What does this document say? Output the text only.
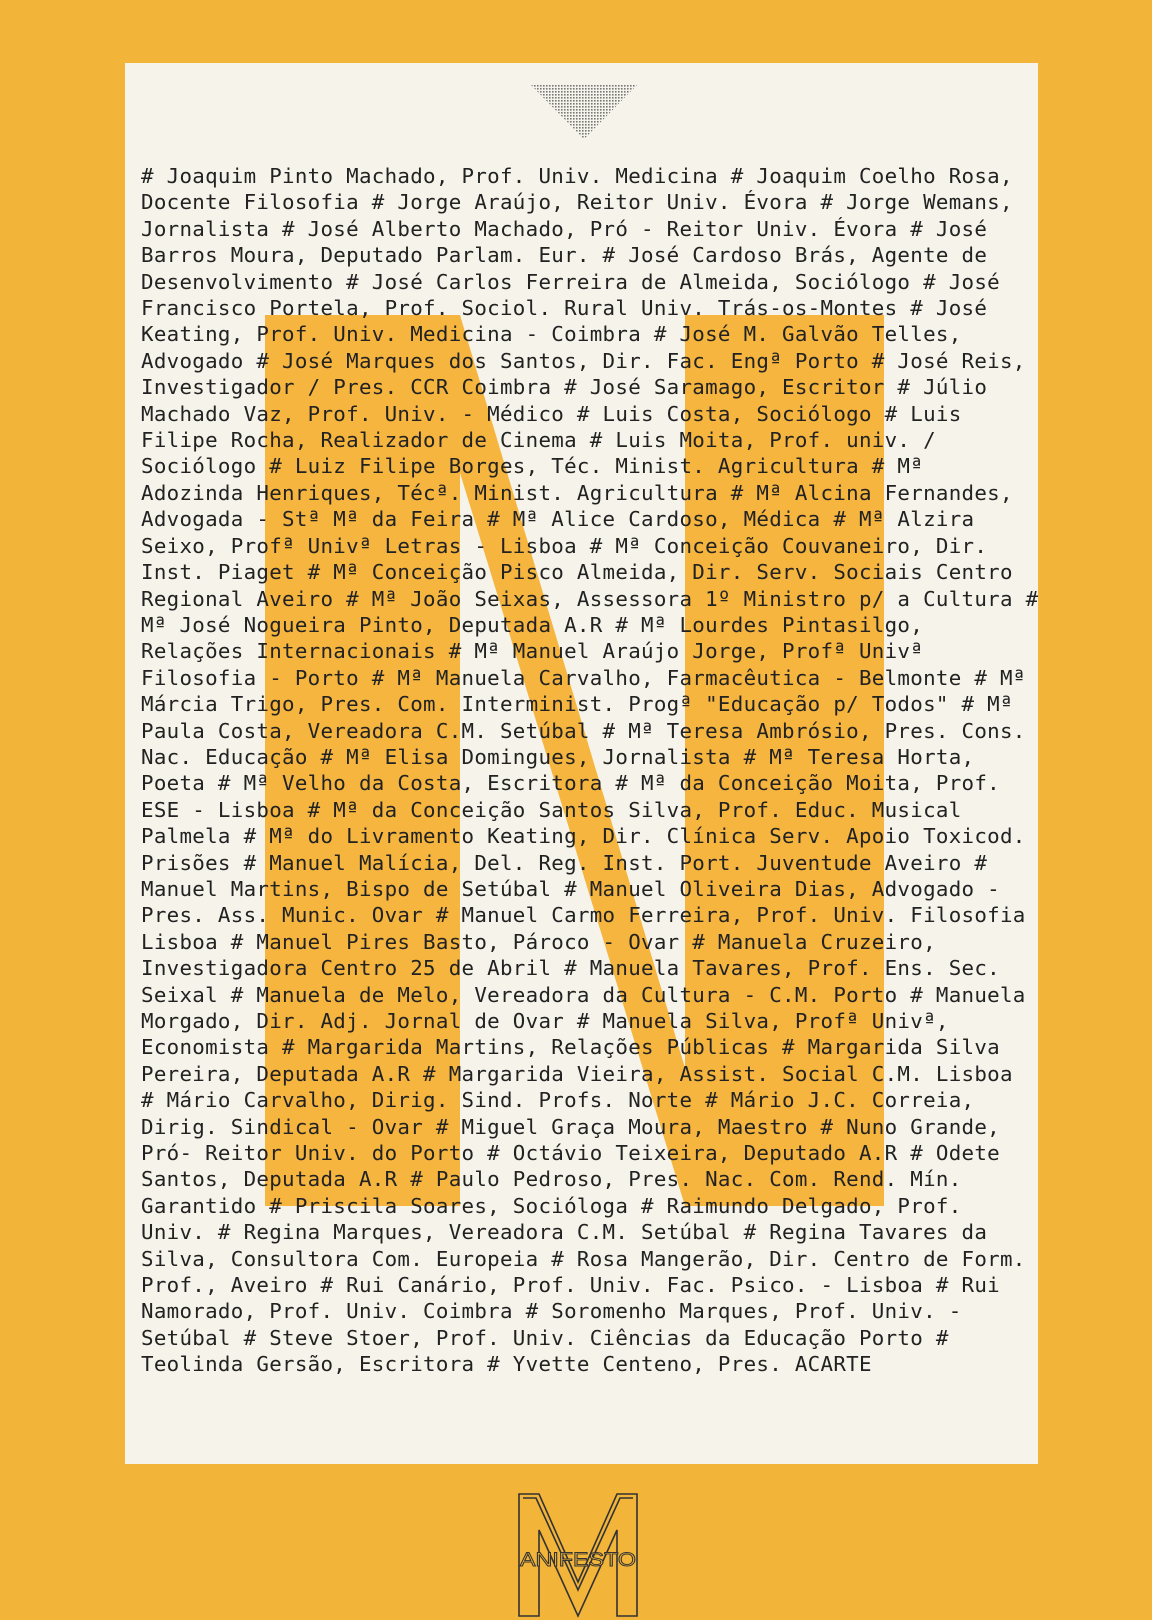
# Joaquim Pinto Machado, Prof. Univ. Medicina # Joaquim Coelho Rosa,
Docente Filosofia # Jorge Araújo, Reitor Univ. Évora # Jorge Wemans,
Jornalista # José Alberto Machado, Pró - Reitor Univ. Évora # José
Barros Moura, Deputado Parlam. Eur. # José Cardoso Brás, Agente de
Desenvolvimento # José Carlos Ferreira de Almeida, Sociólogo # José
Francisco Portela, Prof. Sociol. Rural Univ. Trás-os-Montes # José
Keating, Prof. Univ. Medicina - Coimbra # José M. Galvão Telles,
Advogado # José Marques dos Santos, Dir. Fac. Engª Porto # José Reis,
Investigador / Pres. CCR Coimbra # José Saramago, Escritor # Júlio
Machado Vaz, Prof. Univ. - Médico # Luis Costa, Sociólogo # Luis
Filipe Rocha, Realizador de Cinema # Luis Moita, Prof. univ. /
Sociólogo # Luiz Filipe Borges, Téc. Minist. Agricultura # Mª
Adozinda Henriques, Técª. Minist. Agricultura # Mª Alcina Fernandes,
Advogada - Stª Mª da Feira # Mª Alice Cardoso, Médica # Mª Alzira
Seixo, Profª Univª Letras - Lisboa # Mª Conceição Couvaneiro, Dir.
Inst. Piaget # Mª Conceição Pisco Almeida, Dir. Serv. Sociais Centro
Regional Aveiro # Mª João Seixas, Assessora 1º Ministro p/ a Cultura #
Mª José Nogueira Pinto, Deputada A.R # Mª Lourdes Pintasilgo,
Relações Internacionais # Mª Manuel Araújo Jorge, Profª Univª
Filosofia - Porto # Mª Manuela Carvalho, Farmacêutica - Belmonte # Mª
Márcia Trigo, Pres. Com. Interminist. Progª "Educação p/ Todos" # Mª
Paula Costa, Vereadora C.M. Setúbal # Mª Teresa Ambrósio, Pres. Cons.
Nac. Educação # Mª Elisa Domingues, Jornalista # Mª Teresa Horta,
Poeta # Mª Velho da Costa, Escritora # Mª da Conceição Moita, Prof.
ESE - Lisboa # Mª da Conceição Santos Silva, Prof. Educ. Musical
Palmela # Mª do Livramento Keating, Dir. Clínica Serv. Apoio Toxicod.
Prisões # Manuel Malícia, Del. Reg. Inst. Port. Juventude Aveiro #
Manuel Martins, Bispo de Setúbal # Manuel Oliveira Dias, Advogado -
Pres. Ass. Munic. Ovar # Manuel Carmo Ferreira, Prof. Univ. Filosofia
Lisboa # Manuel Pires Basto, Pároco - Ovar # Manuela Cruzeiro,
Investigadora Centro 25 de Abril # Manuela Tavares, Prof. Ens. Sec.
Seixal # Manuela de Melo, Vereadora da Cultura - C.M. Porto # Manuela
Morgado, Dir. Adj. Jornal de Ovar # Manuela Silva, Profª Univª,
Economista # Margarida Martins, Relações Públicas # Margarida Silva
Pereira, Deputada A.R # Margarida Vieira, Assist. Social C.M. Lisboa
# Mário Carvalho, Dirig. Sind. Profs. Norte # Mário J.C. Correia,
Dirig. Sindical - Ovar # Miguel Graça Moura, Maestro # Nuno Grande,
Pró- Reitor Univ. do Porto # Octávio Teixeira, Deputado A.R # Odete
Santos, Deputada A.R # Paulo Pedroso, Pres. Nac. Com. Rend. Mín.
Garantido # Priscila Soares, Socióloga # Raimundo Delgado, Prof.
Univ. # Regina Marques, Vereadora C.M. Setúbal # Regina Tavares da
Silva, Consultora Com. Europeia # Rosa Mangerão, Dir. Centro de Form.
Prof., Aveiro # Rui Canário, Prof. Univ. Fac. Psico. - Lisboa # Rui
Namorado, Prof. Univ. Coimbra # Soromenho Marques, Prof. Univ. -
Setúbal # Steve Stoer, Prof. Univ. Ciências da Educação Porto #
Teolinda Gersão, Escritora # Yvette Centeno, Pres. ACARTE
ANIFESTO
